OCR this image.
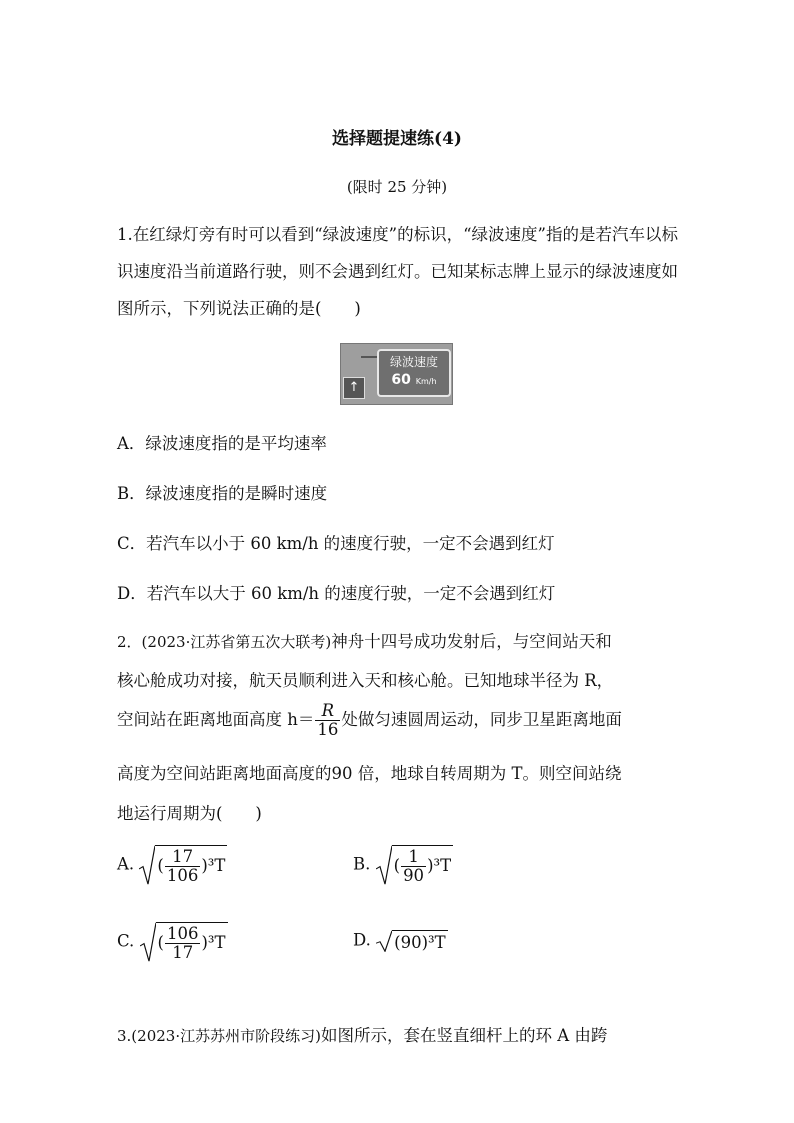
选择题提速练(4)
(限时 25 分钟)
1.在红绿灯旁有时可以看到“绿波速度”的标识，“绿波速度”指的是若汽车以标识速度沿当前道路行驶，则不会遇到红灯。已知某标志牌上显示的绿波速度如图所示，下列说法正确的是(　　)
↑
绿波速度
60 Km/h
A．绿波速度指的是平均速率
B．绿波速度指的是瞬时速度
C．若汽车以小于 60 km/h 的速度行驶，一定不会遇到红灯
D．若汽车以大于 60 km/h 的速度行驶，一定不会遇到红灯
2．(2023·江苏省第五次大联考)神舟十四号成功发射后，与空间站天和
核心舱成功对接，航天员顺利进入天和核心舱。已知地球半径为 R，
空间站在距离地面高度 $h= \frac{R}{16}$ 处做匀速圆周运动，同步卫星距离地面
高度为空间站距离地面高度的90 倍，地球自转周期为 T。则空间站绕
地运行周期为(　　)
A. ( $\frac{17}{106} )^3T$	B. ( $\frac{1}{90} )^3T$
C. ( $\frac{106}{17} )^3T$	D. (90)³T
3.(2023·江苏苏州市阶段练习)如图所示，套在竖直细杆上的环 A 由跨
